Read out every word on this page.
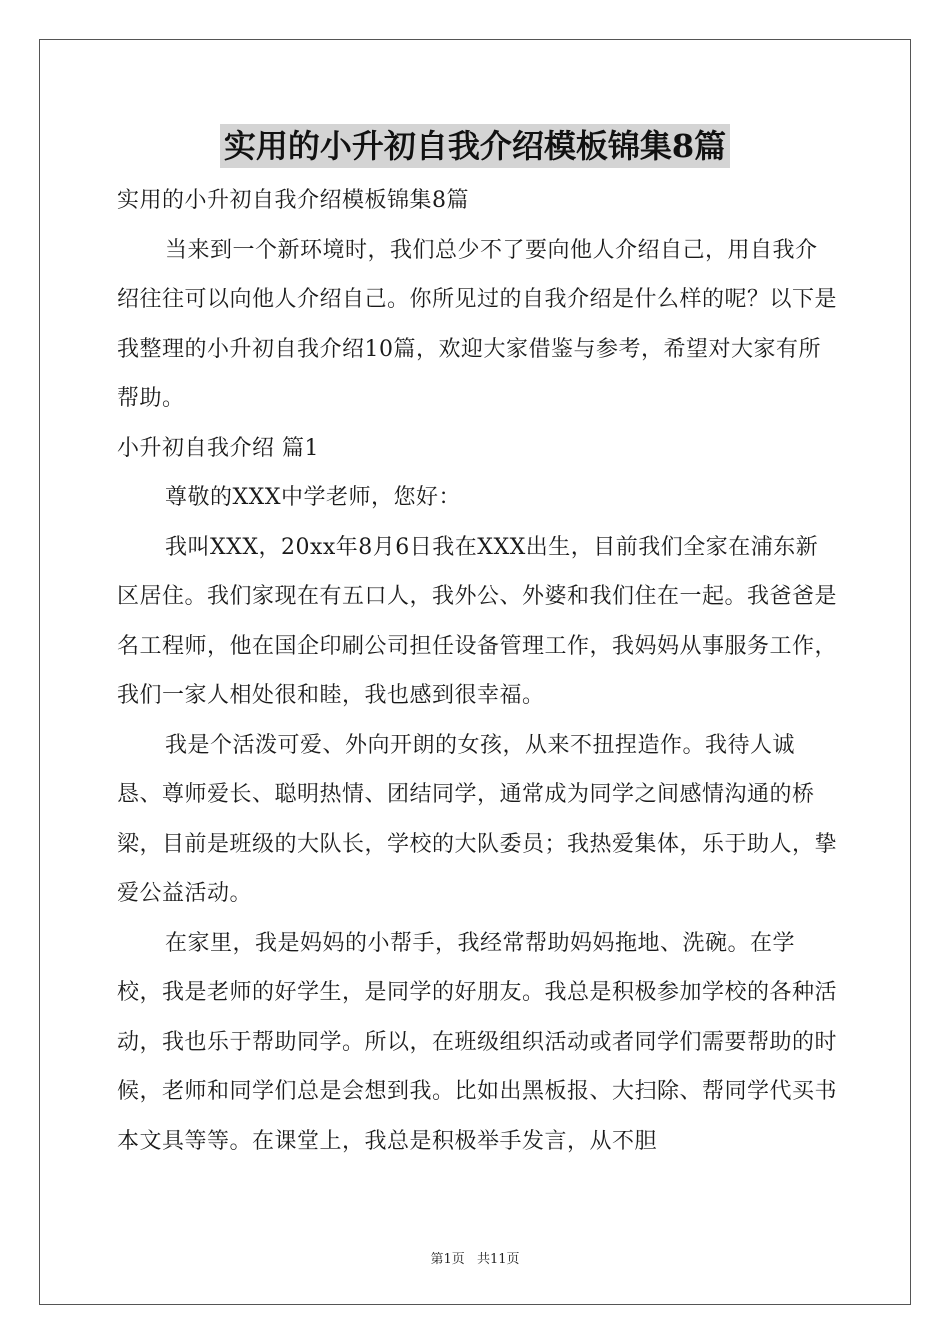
实用的小升初自我介绍模板锦集8篇

实用的小升初自我介绍模板锦集8篇

当来到一个新环境时，我们总少不了要向他人介绍自己，用自我介绍往往可以向他人介绍自己。你所见过的自我介绍是什么样的呢？以下是我整理的小升初自我介绍10篇，欢迎大家借鉴与参考，希望对大家有所帮助。

小升初自我介绍 篇1

尊敬的XXX中学老师，您好：

我叫XXX，20xx年8月6日我在XXX出生，目前我们全家在浦东新区居住。我们家现在有五口人，我外公、外婆和我们住在一起。我爸爸是名工程师，他在国企印刷公司担任设备管理工作，我妈妈从事服务工作，我们一家人相处很和睦，我也感到很幸福。

我是个活泼可爱、外向开朗的女孩，从来不扭捏造作。我待人诚恳、尊师爱长、聪明热情、团结同学，通常成为同学之间感情沟通的桥梁，目前是班级的大队长，学校的大队委员；我热爱集体，乐于助人，挚爱公益活动。

在家里，我是妈妈的小帮手，我经常帮助妈妈拖地、洗碗。在学校，我是老师的好学生，是同学的好朋友。我总是积极参加学校的各种活动，我也乐于帮助同学。所以，在班级组织活动或者同学们需要帮助的时候，老师和同学们总是会想到我。比如出黑板报、大扫除、帮同学代买书本文具等等。在课堂上，我总是积极举手发言，从不胆

第1页 共11页
